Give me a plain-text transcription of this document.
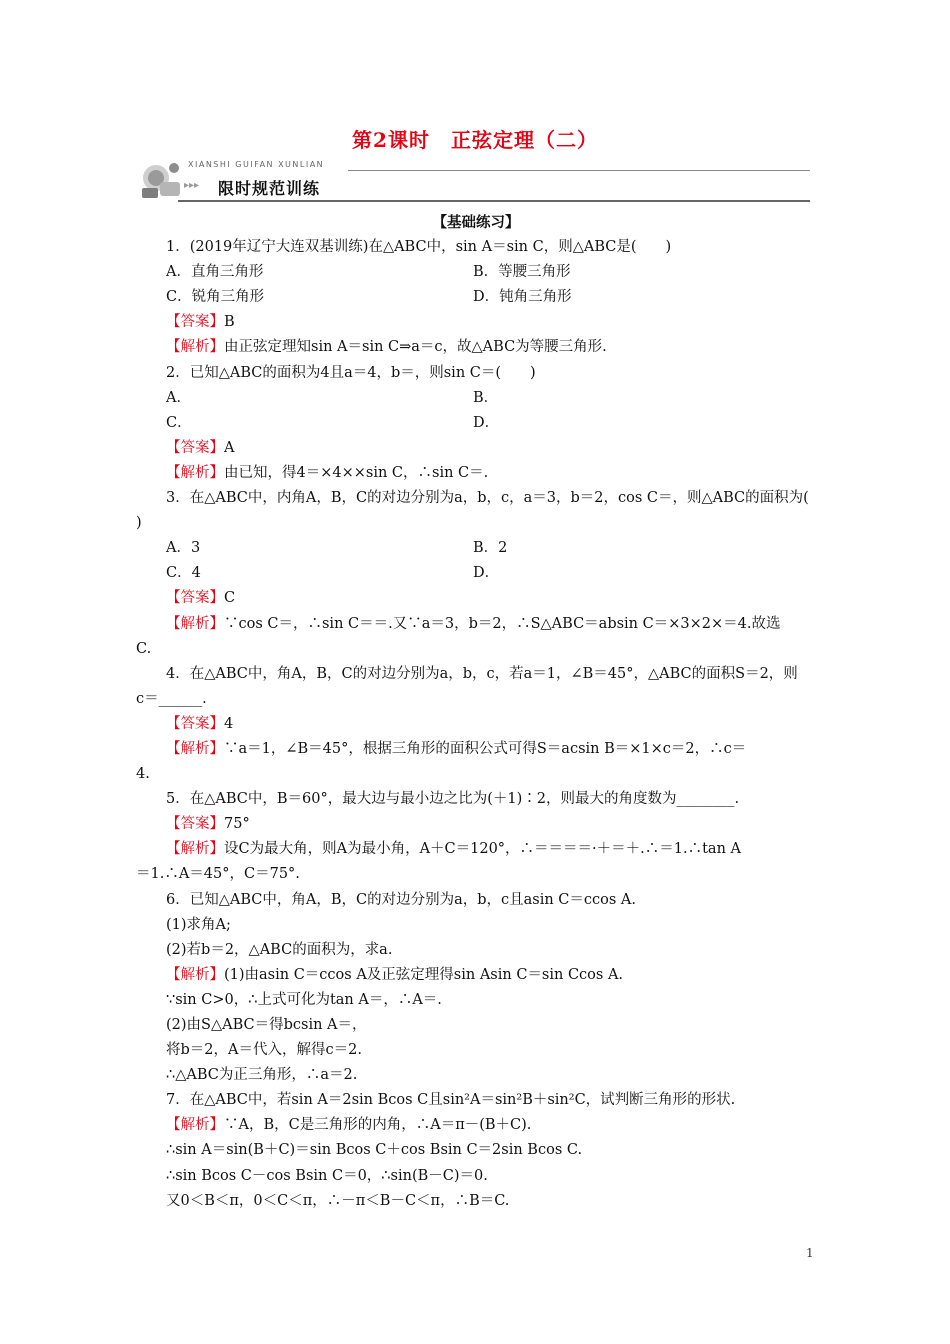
第2课时　正弦定理（二）
XIANSHI GUIFAN XUNLIAN
▸▸▸ 限时规范训练
【基础练习】
1．(2019年辽宁大连双基训练)在△ABC中，sin A＝sin C，则△ABC是(　　)
A．直角三角形	B．等腰三角形
C．锐角三角形	D．钝角三角形
【答案】B
【解析】由正弦定理知sin A＝sin C⇒a＝c，故△ABC为等腰三角形.
2．已知△ABC的面积为4且a＝4，b＝，则sin C＝(　　)
A．	B．
C．	D．
【答案】A
【解析】由已知，得4＝×4××sin C，∴sin C＝.
3．在△ABC中，内角A，B，C的对边分别为a，b，c，a＝3，b＝2，cos C＝，则△ABC的面积为(
)
A．3	B．2
C．4	D．
【答案】C
【解析】∵cos C＝，∴sin C＝＝.又∵a＝3，b＝2，∴S△ABC＝absin C＝×3×2×＝4.故选
C.
4．在△ABC中，角A，B，C的对边分别为a，b，c，若a＝1，∠B＝45°，△ABC的面积S＝2，则
c＝______.
【答案】4
【解析】∵a＝1，∠B＝45°，根据三角形的面积公式可得S＝acsin B＝×1×c＝2，∴c＝
4.
5．在△ABC中，B＝60°，最大边与最小边之比为(＋1)∶2，则最大的角度数为________.
【答案】75°
【解析】设C为最大角，则A为最小角，A＋C＝120°，∴＝＝＝＝·＋＝＋.∴＝1.∴tan A
＝1.∴A＝45°，C＝75°.
6．已知△ABC中，角A，B，C的对边分别为a，b，c且asin C＝ccos A.
(1)求角A;
(2)若b＝2，△ABC的面积为，求a.
【解析】(1)由asin C＝ccos A及正弦定理得sin Asin C＝sin Ccos A.
∵sin C>0，∴上式可化为tan A＝，∴A＝.
(2)由S△ABC＝得bcsin A＝，
将b＝2，A＝代入，解得c＝2.
∴△ABC为正三角形，∴a＝2.
7．在△ABC中，若sin A＝2sin Bcos C且sin²A＝sin²B＋sin²C，试判断三角形的形状.
【解析】∵A，B，C是三角形的内角，∴A＝π－(B＋C).
∴sin A＝sin(B＋C)＝sin Bcos C＋cos Bsin C＝2sin Bcos C.
∴sin Bcos C－cos Bsin C＝0，∴sin(B－C)＝0.
又0＜B＜π，0＜C＜π，∴－π＜B－C＜π，∴B＝C.
1
